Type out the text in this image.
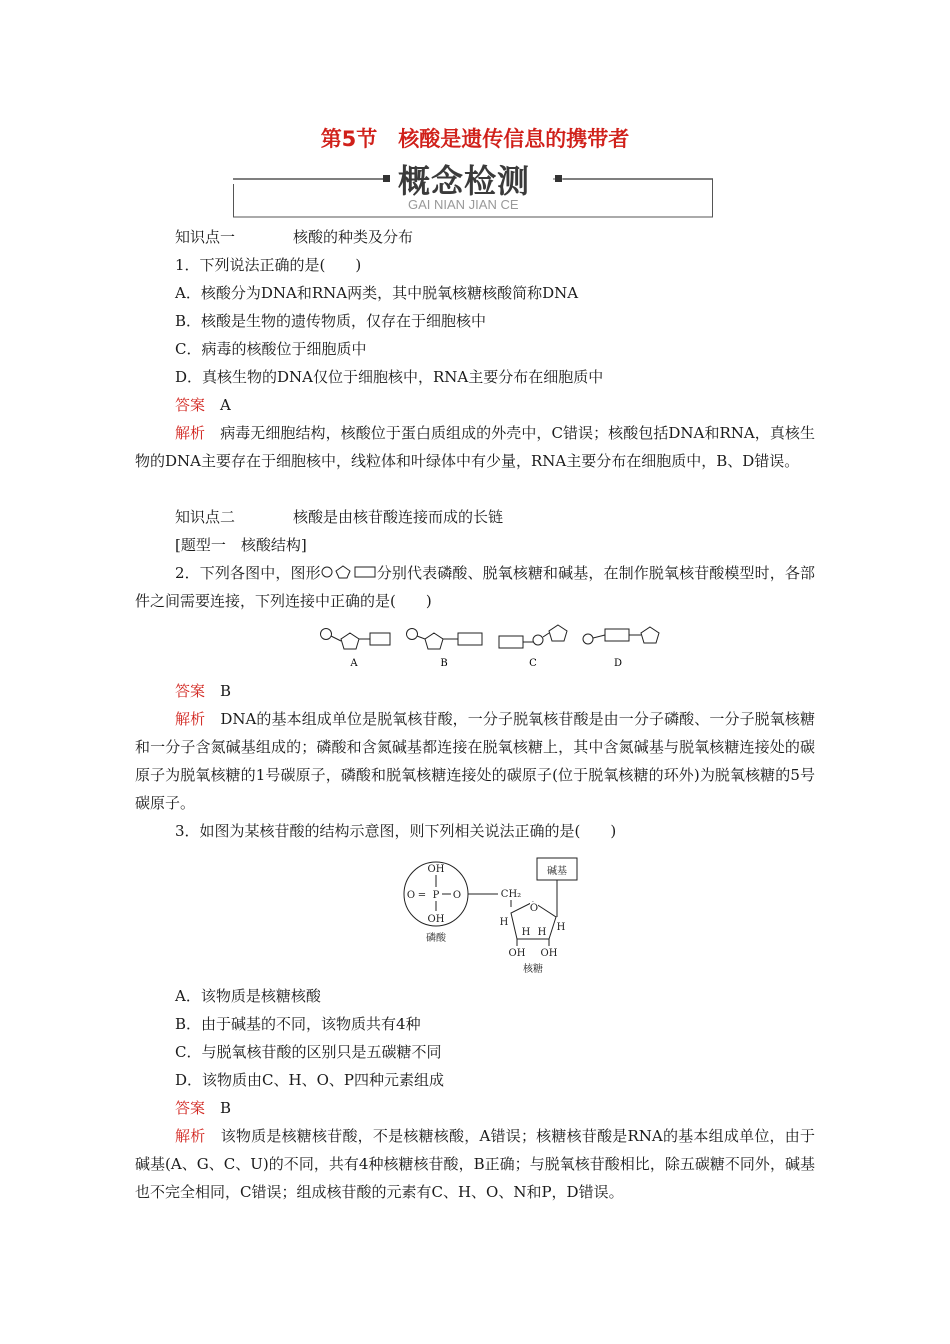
第5节　核酸是遗传信息的携带者
概念检测
GAI NIAN JIAN CE
知识点一	核酸的种类及分布
1．下列说法正确的是(　　)
A．核酸分为DNA和RNA两类，其中脱氧核糖核酸简称DNA
B．核酸是生物的遗传物质，仅存在于细胞核中
C．病毒的核酸位于细胞质中
D．真核生物的DNA仅位于细胞核中，RNA主要分布在细胞质中
答案　 A
解析　 病毒无细胞结构，核酸位于蛋白质组成的外壳中，C错误；核酸包括DNA和RNA，真核生物的DNA主要存在于细胞核中，线粒体和叶绿体中有少量，RNA主要分布在细胞质中，B、D错误。
知识点二	核酸是由核苷酸连接而成的长链
[题型一　核酸结构]
2．下列各图中，图形	分别代表磷酸、脱氧核糖和碱基，在制作脱氧核苷酸模型时，各部件之间需要连接，下列连接中正确的是(　　)
A	B	C	D
答案　 B
解析　 DNA的基本组成单位是脱氧核苷酸，一分子脱氧核苷酸是由一分子磷酸、一分子脱氧核糖和一分子含氮碱基组成的；磷酸和含氮碱基都连接在脱氧核糖上，其中含氮碱基与脱氧核糖连接处的碳原子为脱氧核糖的1号碳原子，磷酸和脱氧核糖连接处的碳原子(位于脱氧核糖的环外)为脱氧核糖的5号碳原子。
3．如图为某核苷酸的结构示意图，则下列相关说法正确的是(　　)
OH
O = P O
OH
磷酸
CH₂
O
碱基
H	H
H H
OH OH
核糖
A．该物质是核糖核酸
B．由于碱基的不同，该物质共有4种
C．与脱氧核苷酸的区别只是五碳糖不同
D．该物质由C、H、O、P四种元素组成
答案　 B
解析　 该物质是核糖核苷酸，不是核糖核酸，A错误；核糖核苷酸是RNA的基本组成单位，由于碱基(A、G、C、U)的不同，共有4种核糖核苷酸，B正确；与脱氧核苷酸相比，除五碳糖不同外，碱基也不完全相同，C错误；组成核苷酸的元素有C、H、O、N和P，D错误。
